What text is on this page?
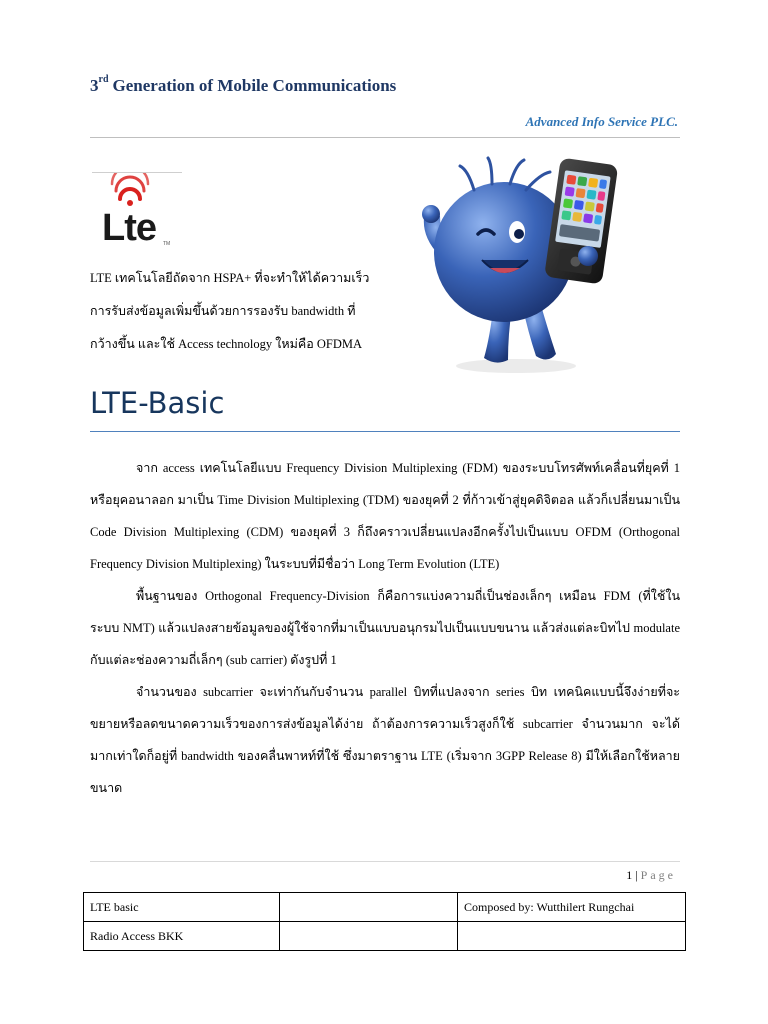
3rd Generation of Mobile Communications
Advanced Info Service PLC.
Lte TM

LTE เทคโนโลยีถัดจาก HSPA+ ที่จะทำให้ได้ความเร็ว

การรับส่งข้อมูลเพิ่มขึ้นด้วยการรองรับ bandwidth ที่

กว้างขึ้น และใช้ Access technology ใหม่คือ OFDMA

LTE-Basic

จาก access เทคโนโลยีแบบ Frequency Division Multiplexing (FDM) ของระบบโทรศัพท์เคลื่อนที่ยุคที่ 1 หรือยุคอนาลอก มาเป็น Time Division Multiplexing (TDM) ของยุคที่ 2 ที่ก้าวเข้าสู่ยุคดิจิตอล แล้วก็เปลี่ยนมาเป็น Code Division Multiplexing (CDM) ของยุคที่ 3 ก็ถึงคราวเปลี่ยนแปลงอีกครั้งไปเป็นแบบ OFDM (Orthogonal Frequency Division Multiplexing) ในระบบที่มีชื่อว่า Long Term Evolution (LTE)

พื้นฐานของ Orthogonal Frequency-Division ก็คือการแบ่งความถี่เป็นช่องเล็กๆ เหมือน FDM (ที่ใช้ในระบบ NMT) แล้วแปลงสายข้อมูลของผู้ใช้จากที่มาเป็นแบบอนุกรมไปเป็นแบบขนาน แล้วส่งแต่ละบิทไป modulate กับแต่ละช่องความถี่เล็กๆ (sub carrier) ดังรูปที่ 1

จำนวนของ subcarrier จะเท่ากันกับจำนวน parallel บิทที่แปลงจาก series บิท เทคนิคแบบนี้จึงง่ายที่จะขยายหรือลดขนาดความเร็วของการส่งข้อมูลได้ง่าย ถ้าต้องการความเร็วสูงก็ใช้ subcarrier จำนวนมาก จะได้มากเท่าใดก็อยู่ที่ bandwidth ของคลื่นพาหท์ที่ใช้ ซึ่งมาตราฐาน LTE (เริ่มจาก 3GPP Release 8) มีให้เลือกใช้หลายขนาด

1 | Page
LTE basic		Composed by: Wutthilert Rungchai
Radio Access BKK		
